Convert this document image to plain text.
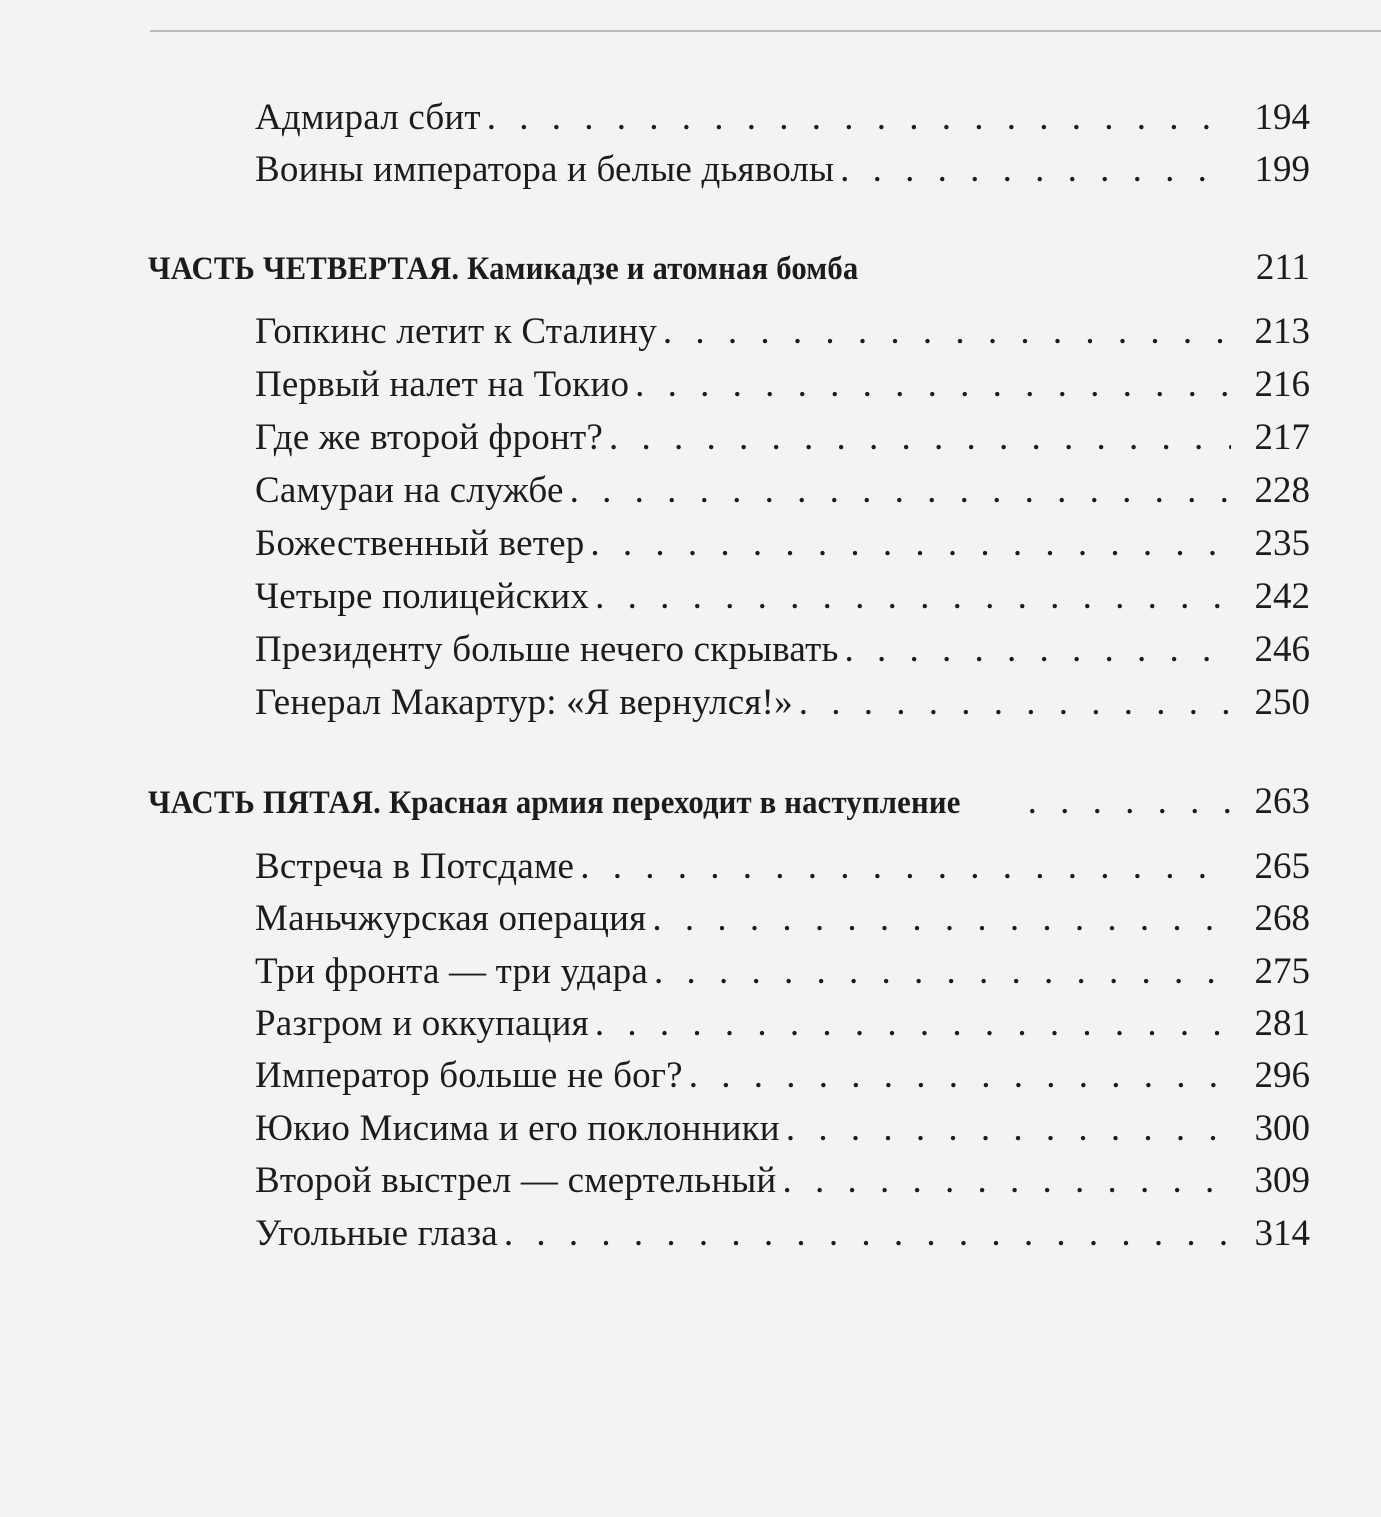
Адмирал сбит . . .	194
Воины императора и белые дьяволы . . .	199
ЧАСТЬ ЧЕТВЕРТАЯ. Камикадзе и атомная бомба	211
Гопкинс летит к Сталину . . .	213
Первый налет на Токио . . .	216
Где же второй фронт? . . .	217
Самураи на службе . . .	228
Божественный ветер . . .	235
Четыре полицейских . . .	242
Президенту больше нечего скрывать . . .	246
Генерал Макартур: «Я вернулся!» . . .	250
ЧАСТЬ ПЯТАЯ. Красная армия переходит в наступление . . .	263
Встреча в Потсдаме . . .	265
Маньчжурская операция . . .	268
Три фронта — три удара . . .	275
Разгром и оккупация . . .	281
Император больше не бог? . . .	296
Юкио Мисима и его поклонники . . .	300
Второй выстрел — смертельный . . .	309
Угольные глаза . . .	314
